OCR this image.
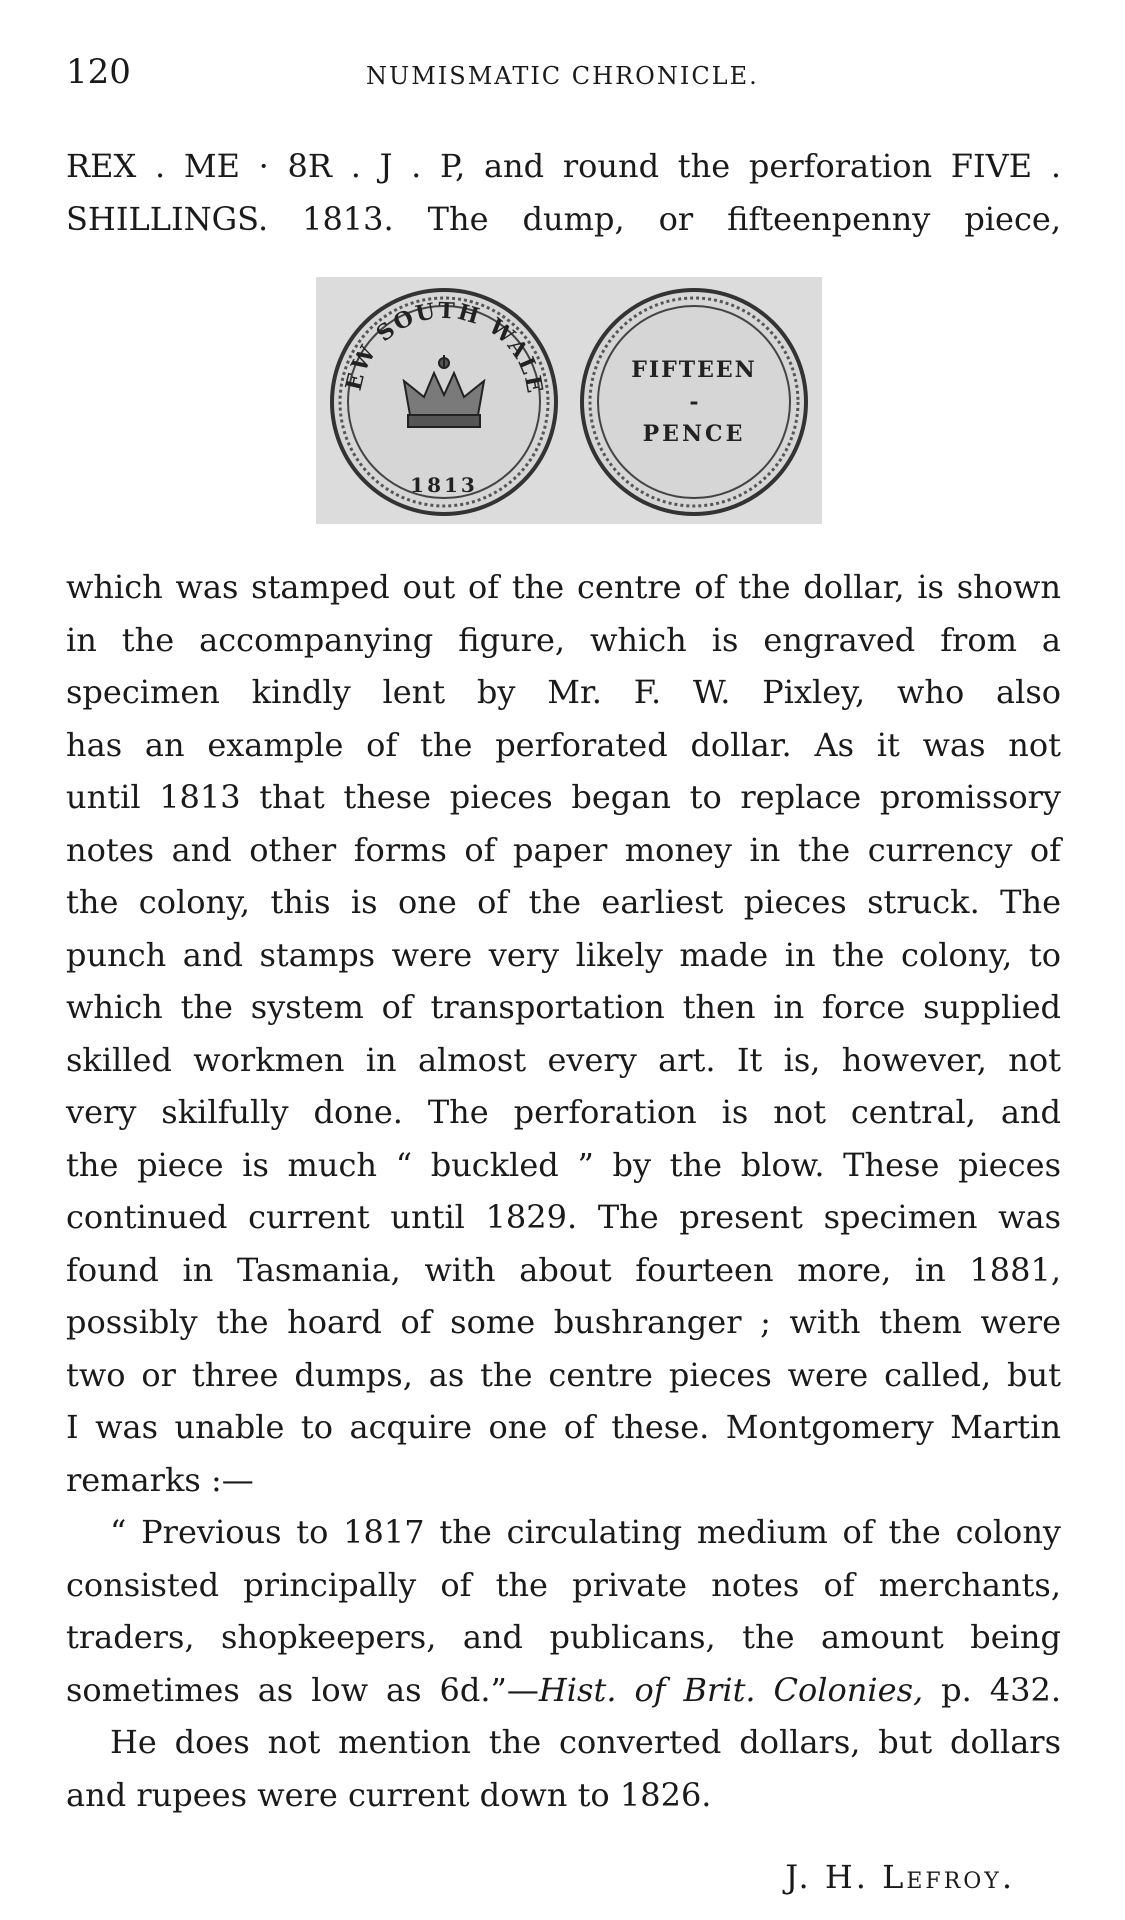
120	NUMISMATIC CHRONICLE.
REX . ME · 8R . J . P, and round the perforation FIVE .
SHILLINGS. 1813. The dump, or fifteenpenny piece,
EW SOUTH WALE
1813
FIFTEEN
-
PENCE
which was stamped out of the centre of the dollar, is shown
in the accompanying figure, which is engraved from a
specimen kindly lent by Mr. F. W. Pixley, who also
has an example of the perforated dollar. As it was not
until 1813 that these pieces began to replace promissory
notes and other forms of paper money in the currency of
the colony, this is one of the earliest pieces struck. The
punch and stamps were very likely made in the colony, to
which the system of transportation then in force supplied
skilled workmen in almost every art. It is, however, not
very skilfully done. The perforation is not central, and
the piece is much “ buckled ” by the blow. These pieces
continued current until 1829. The present specimen was
found in Tasmania, with about fourteen more, in 1881,
possibly the hoard of some bushranger ; with them were
two or three dumps, as the centre pieces were called, but
I was unable to acquire one of these. Montgomery Martin
remarks :—
“ Previous to 1817 the circulating medium of the colony
consisted principally of the private notes of merchants,
traders, shopkeepers, and publicans, the amount being
sometimes as low as 6d.”—Hist. of Brit. Colonies, p. 432.
He does not mention the converted dollars, but dollars
and rupees were current down to 1826.
J. H. Lefroy.
